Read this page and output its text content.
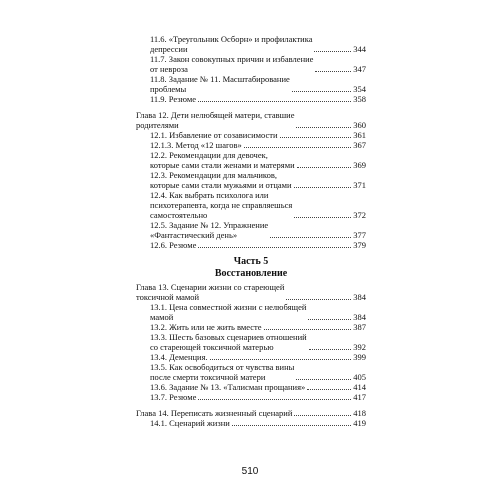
11.6. «Треугольник Осборн» и профилактика
депрессии	344
11.7. Закон совокупных причин и избавление
от невроза	347
11.8. Задание № 11. Масштабирование
проблемы	354
11.9. Резюме	358
Глава 12. Дети нелюбящей матери, ставшие
родителями	360
12.1. Избавление от созависимости	361
12.1.3. Метод «12 шагов»	367
12.2. Рекомендации для девочек,
которые сами стали женами и матерями	369
12.3. Рекомендации для мальчиков,
которые сами стали мужьями и отцами	371
12.4. Как выбрать психолога или
психотерапевта, когда не справляешься
самостоятельно	372
12.5. Задание № 12. Упражнение
«Фантастический день»	377
12.6. Резюме	379
Часть 5
Восстановление
Глава 13. Сценарии жизни со стареющей
токсичной мамой	384
13.1. Цена совместной жизни с нелюбящей
мамой	384
13.2. Жить или не жить вместе	387
13.3. Шесть базовых сценариев отношений
со стареющей токсичной матерью	392
13.4. Деменция.	399
13.5. Как освободиться от чувства вины
после смерти токсичной матери	405
13.6. Задание № 13. «Талисман прощания»	414
13.7. Резюме	417
Глава 14. Переписать жизненный сценарий	418
14.1. Сценарий жизни	419
510
